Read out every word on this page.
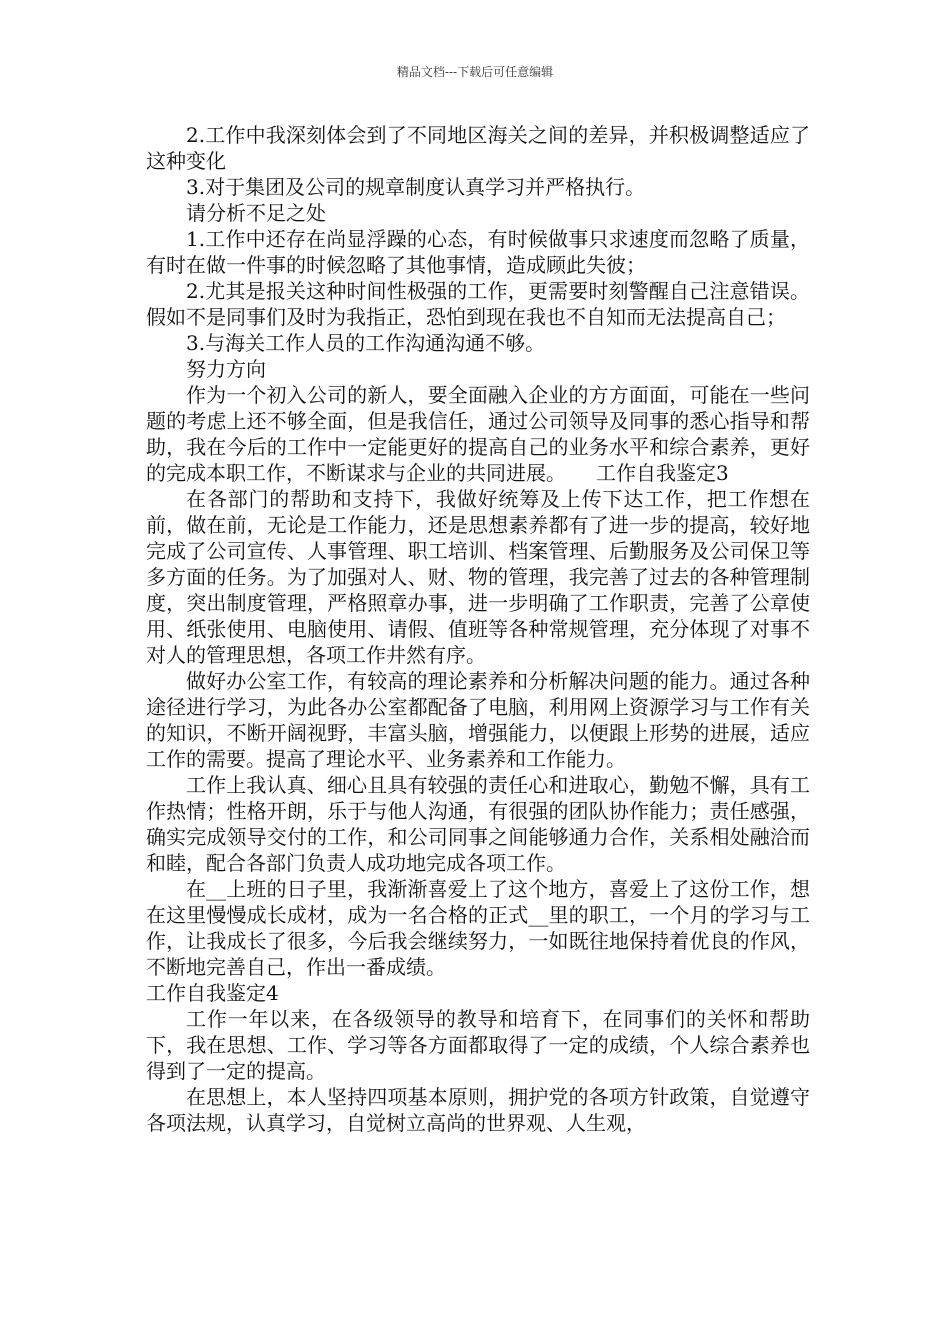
精品文档---下载后可任意编辑

2.工作中我深刻体会到了不同地区海关之间的差异，并积极调整适应了这种变化

3.对于集团及公司的规章制度认真学习并严格执行。

请分析不足之处

1.工作中还存在尚显浮躁的心态，有时候做事只求速度而忽略了质量，有时在做一件事的时候忽略了其他事情，造成顾此失彼；

2.尤其是报关这种时间性极强的工作，更需要时刻警醒自己注意错误。假如不是同事们及时为我指正，恐怕到现在我也不自知而无法提高自己；

3.与海关工作人员的工作沟通沟通不够。

努力方向

作为一个初入公司的新人，要全面融入企业的方方面面，可能在一些问题的考虑上还不够全面，但是我信任，通过公司领导及同事的悉心指导和帮助，我在今后的工作中一定能更好的提高自己的业务水平和综合素养，更好的完成本职工作，不断谋求与企业的共同进展。　　工作自我鉴定3

在各部门的帮助和支持下，我做好统筹及上传下达工作，把工作想在前，做在前，无论是工作能力，还是思想素养都有了进一步的提高，较好地完成了公司宣传、人事管理、职工培训、档案管理、后勤服务及公司保卫等多方面的任务。为了加强对人、财、物的管理，我完善了过去的各种管理制度，突出制度管理，严格照章办事，进一步明确了工作职责，完善了公章使用、纸张使用、电脑使用、请假、值班等各种常规管理，充分体现了对事不对人的管理思想，各项工作井然有序。

做好办公室工作，有较高的理论素养和分析解决问题的能力。通过各种途径进行学习，为此各办公室都配备了电脑，利用网上资源学习与工作有关的知识，不断开阔视野，丰富头脑，增强能力，以便跟上形势的进展，适应工作的需要。提高了理论水平、业务素养和工作能力。

工作上我认真、细心且具有较强的责任心和进取心，勤勉不懈，具有工作热情；性格开朗，乐于与他人沟通，有很强的团队协作能力；责任感强，确实完成领导交付的工作，和公司同事之间能够通力合作，关系相处融洽而和睦，配合各部门负责人成功地完成各项工作。

在__上班的日子里，我渐渐喜爱上了这个地方，喜爱上了这份工作，想在这里慢慢成长成材，成为一名合格的正式__里的职工，一个月的学习与工作，让我成长了很多，今后我会继续努力，一如既往地保持着优良的作风，不断地完善自己，作出一番成绩。

工作自我鉴定4

工作一年以来，在各级领导的教导和培育下，在同事们的关怀和帮助下，我在思想、工作、学习等各方面都取得了一定的成绩，个人综合素养也得到了一定的提高。

在思想上，本人坚持四项基本原则，拥护党的各项方针政策，自觉遵守各项法规，认真学习，自觉树立高尚的世界观、人生观，
